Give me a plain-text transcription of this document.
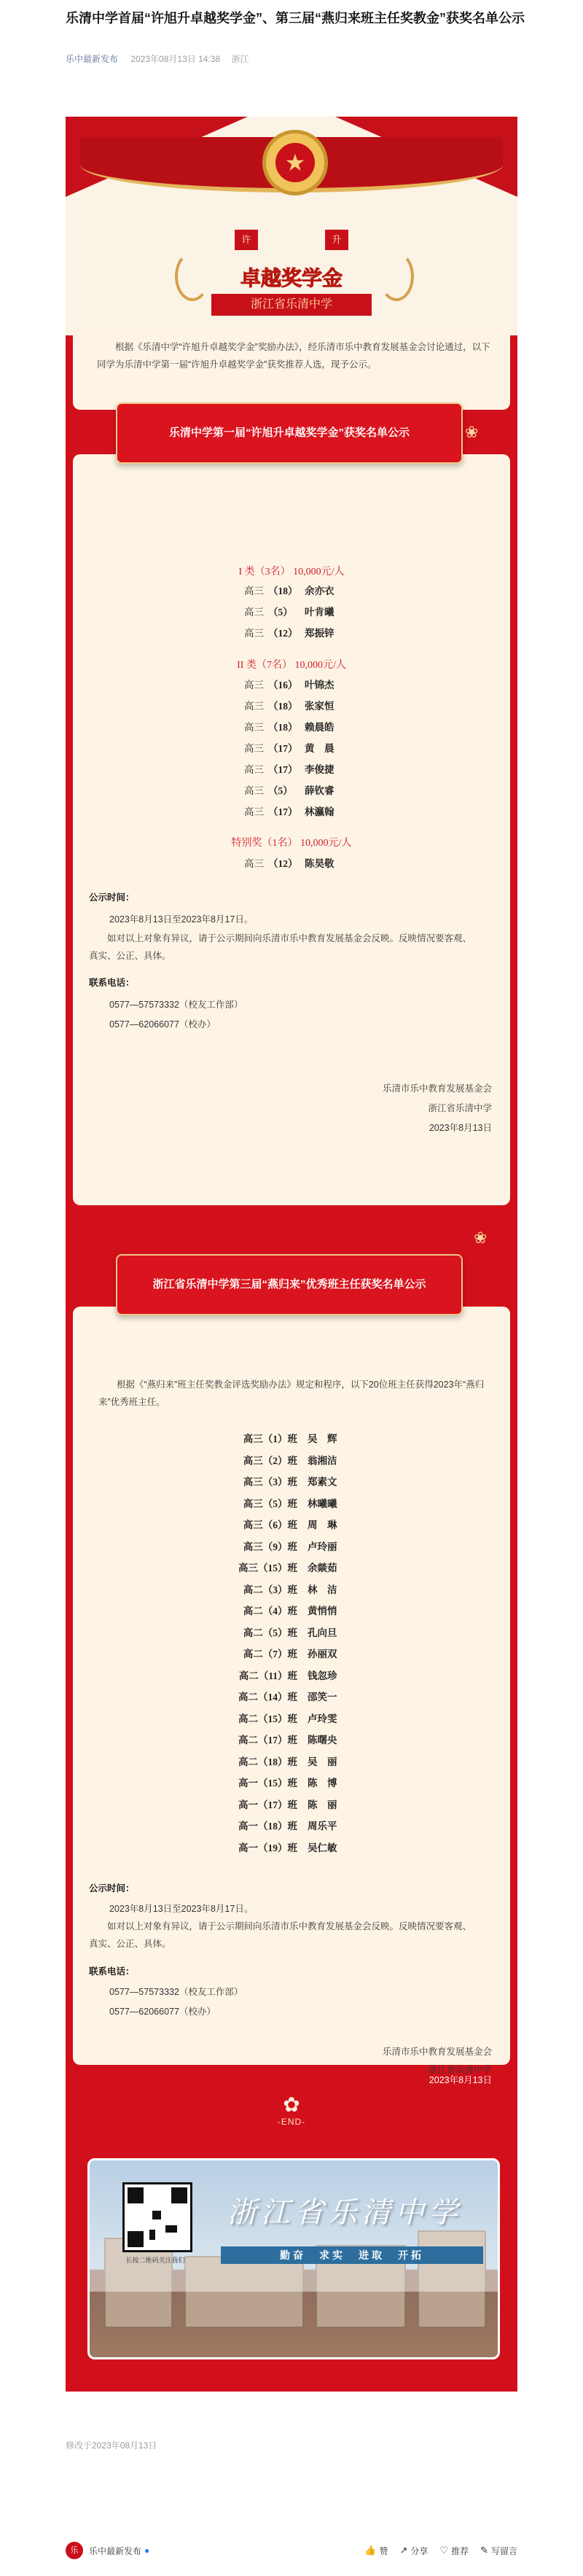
乐清中学首届“许旭升卓越奖学金”、第三届“燕归来班主任奖教金”获奖名单公示
乐中最新发布 2023年08月13日 14:38 浙江
★
许	升
卓越奖学金
浙江省乐清中学

根据《乐清中学“许旭升卓越奖学金”奖励办法》，经乐清市乐中教育发展基金会讨论通过，以下同学为乐清中学第一届“许旭升卓越奖学金”获奖推荐人选，现予公示。

❀
I 类（3名） 10,000元/人
高三 （18） 余亦衣
高三 （5） 叶肯曦
高三 （12） 郑振锌
II 类（7名） 10,000元/人
高三 （16） 叶锦杰
高三 （18） 张家恒
高三 （18） 赖晨皓
高三 （17） 黄　晨
高三 （17） 李俊捷
高三 （5） 薛钦睿
高三 （17） 林瀛翰
特别奖（1名） 10,000元/人
高三 （12） 陈昊敬

公示时间：

2023年8月13日至2023年8月17日。

如对以上对象有异议，请于公示期间向乐清市乐中教育发展基金会反映。反映情况要客观、真实、公正、具体。

联系电话：

0577—57573332（校友工作部）

0577—62066077（校办）

乐清市乐中教育发展基金会

浙江省乐清中学

2023年8月13日

乐清中学第一届“许旭升卓越奖学金”获奖名单公示
❀

根据《“燕归来”班主任奖教金评选奖励办法》规定和程序，以下20位班主任获得2023年“燕归来”优秀班主任。

高三（1）班 吴　辉
高三（2）班 翁湘洁
高三（3）班 郑素文
高三（5）班 林曦曦
高三（6）班 周　琳
高三（9）班 卢玲丽
高三（15）班 余燚茹
高二（3）班 林　洁
高二（4）班 黄悄悄
高二（5）班 孔向旦
高二（7）班 孙丽双
高二（11）班 钱忽珍
高二（14）班 邵笑一
高二（15）班 卢玲雯
高二（17）班 陈曙央
高二（18）班 吴　丽
高一（15）班 陈　博
高一（17）班 陈　丽
高一（18）班 周乐平
高一（19）班 吴仁敏

公示时间：

2023年8月13日至2023年8月17日。

如对以上对象有异议，请于公示期间向乐清市乐中教育发展基金会反映。反映情况要客观、真实、公正、具体。

联系电话：

0577—57573332（校友工作部）

0577—62066077（校办）

乐清市乐中教育发展基金会

浙江省乐清中学

2023年8月13日

浙江省乐清中学第三届“燕归来”优秀班主任获奖名单公示
✿
-END-
长按二维码关注我们
浙江省乐清中学
勤奋　求实　进取　开拓
修改于2023年08月13日
乐	乐中最新发布 ●	👍 赞 ↗ 分享 ♡ 推荐 ✎ 写留言
